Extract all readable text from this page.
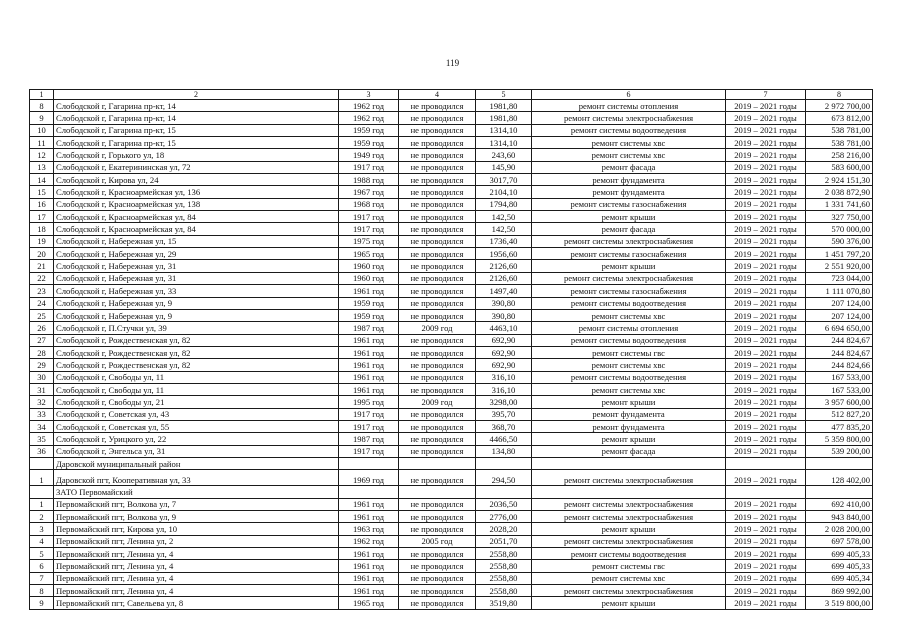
119
1	2	3	4	5	6	7	8
8	Слободской г, Гагарина пр-кт, 14	1962 год	не проводился	1981,80	ремонт системы отопления	2019 – 2021 годы	2 972 700,00
9	Слободской г, Гагарина пр-кт, 14	1962 год	не проводился	1981,80	ремонт системы электроснабжения	2019 – 2021 годы	673 812,00
10	Слободской г, Гагарина пр-кт, 15	1959 год	не проводился	1314,10	ремонт системы водоотведения	2019 – 2021 годы	538 781,00
11	Слободской г, Гагарина пр-кт, 15	1959 год	не проводился	1314,10	ремонт системы хвс	2019 – 2021 годы	538 781,00
12	Слободской г, Горького ул, 18	1949 год	не проводился	243,60	ремонт системы хвс	2019 – 2021 годы	258 216,00
13	Слободской г, Екатерининская ул, 72	1917 год	не проводился	145,90	ремонт фасада	2019 – 2021 годы	583 600,00
14	Слободской г, Кирова ул, 24	1988 год	не проводился	3017,70	ремонт фундамента	2019 – 2021 годы	2 924 151,30
15	Слободской г, Красноармейская ул, 136	1967 год	не проводился	2104,10	ремонт фундамента	2019 – 2021 годы	2 038 872,90
16	Слободской г, Красноармейская ул, 138	1968 год	не проводился	1794,80	ремонт системы газоснабжения	2019 – 2021 годы	1 331 741,60
17	Слободской г, Красноармейская ул, 84	1917 год	не проводился	142,50	ремонт крыши	2019 – 2021 годы	327 750,00
18	Слободской г, Красноармейская ул, 84	1917 год	не проводился	142,50	ремонт фасада	2019 – 2021 годы	570 000,00
19	Слободской г, Набережная ул, 15	1975 год	не проводился	1736,40	ремонт системы электроснабжения	2019 – 2021 годы	590 376,00
20	Слободской г, Набережная ул, 29	1965 год	не проводился	1956,60	ремонт системы газоснабжения	2019 – 2021 годы	1 451 797,20
21	Слободской г, Набережная ул, 31	1960 год	не проводился	2126,60	ремонт крыши	2019 – 2021 годы	2 551 920,00
22	Слободской г, Набережная ул, 31	1960 год	не проводился	2126,60	ремонт системы электроснабжения	2019 – 2021 годы	723 044,00
23	Слободской г, Набережная ул, 33	1961 год	не проводился	1497,40	ремонт системы газоснабжения	2019 – 2021 годы	1 111 070,80
24	Слободской г, Набережная ул, 9	1959 год	не проводился	390,80	ремонт системы водоотведения	2019 – 2021 годы	207 124,00
25	Слободской г, Набережная ул, 9	1959 год	не проводился	390,80	ремонт системы хвс	2019 – 2021 годы	207 124,00
26	Слободской г, П.Стучки ул, 39	1987 год	2009 год	4463,10	ремонт системы отопления	2019 – 2021 годы	6 694 650,00
27	Слободской г, Рождественская ул, 82	1961 год	не проводился	692,90	ремонт системы водоотведения	2019 – 2021 годы	244 824,67
28	Слободской г, Рождественская ул, 82	1961 год	не проводился	692,90	ремонт системы гвс	2019 – 2021 годы	244 824,67
29	Слободской г, Рождественская ул, 82	1961 год	не проводился	692,90	ремонт системы хвс	2019 – 2021 годы	244 824,66
30	Слободской г, Свободы ул, 11	1961 год	не проводился	316,10	ремонт системы водоотведения	2019 – 2021 годы	167 533,00
31	Слободской г, Свободы ул, 11	1961 год	не проводился	316,10	ремонт системы хвс	2019 – 2021 годы	167 533,00
32	Слободской г, Свободы ул, 21	1995 год	2009 год	3298,00	ремонт крыши	2019 – 2021 годы	3 957 600,00
33	Слободской г, Советская ул, 43	1917 год	не проводился	395,70	ремонт фундамента	2019 – 2021 годы	512 827,20
34	Слободской г, Советская ул, 55	1917 год	не проводился	368,70	ремонт фундамента	2019 – 2021 годы	477 835,20
35	Слободской г, Урицкого ул, 22	1987 год	не проводился	4466,50	ремонт крыши	2019 – 2021 годы	5 359 800,00
36	Слободской г, Энгельса ул, 31	1917 год	не проводился	134,80	ремонт фасада	2019 – 2021 годы	539 200,00
	Даровской муниципальный район						
1	Даровской пгт, Кооперативная ул, 33	1969 год	не проводился	294,50	ремонт системы электроснабжения	2019 – 2021 годы	128 402,00
	ЗАТО Первомайский						
1	Первомайский пгт, Волкова ул, 7	1961 год	не проводился	2036,50	ремонт системы электроснабжения	2019 – 2021 годы	692 410,00
2	Первомайский пгт, Волкова ул, 9	1961 год	не проводился	2776,00	ремонт системы электроснабжения	2019 – 2021 годы	943 840,00
3	Первомайский пгт, Кирова ул, 10	1963 год	не проводился	2028,20	ремонт крыши	2019 – 2021 годы	2 028 200,00
4	Первомайский пгт, Ленина ул, 2	1962 год	2005 год	2051,70	ремонт системы электроснабжения	2019 – 2021 годы	697 578,00
5	Первомайский пгт, Ленина ул, 4	1961 год	не проводился	2558,80	ремонт системы водоотведения	2019 – 2021 годы	699 405,33
6	Первомайский пгт, Ленина ул, 4	1961 год	не проводился	2558,80	ремонт системы гвс	2019 – 2021 годы	699 405,33
7	Первомайский пгт, Ленина ул, 4	1961 год	не проводился	2558,80	ремонт системы хвс	2019 – 2021 годы	699 405,34
8	Первомайский пгт, Ленина ул, 4	1961 год	не проводился	2558,80	ремонт системы электроснабжения	2019 – 2021 годы	869 992,00
9	Первомайский пгт, Савельева ул, 8	1965 год	не проводился	3519,80	ремонт крыши	2019 – 2021 годы	3 519 800,00
